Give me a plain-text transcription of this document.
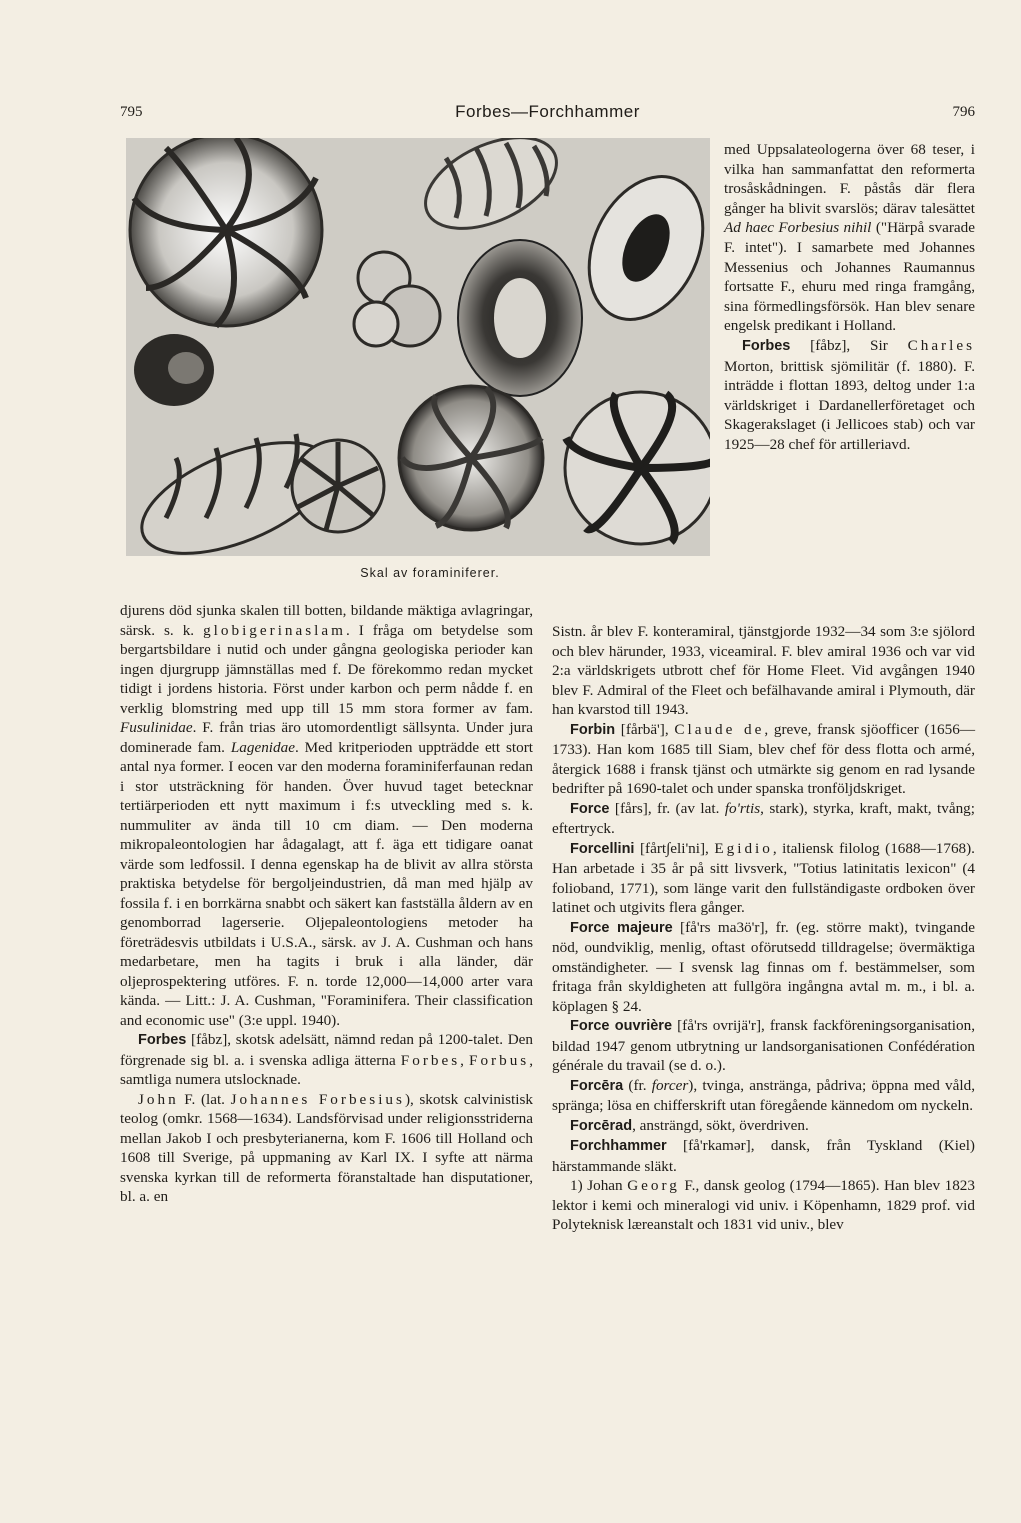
795	Forbes—Forchhammer	796
Skal av foraminiferer.

med Uppsalateologerna över 68 teser, i vilka han sammanfattat den reformerta trosåskådningen. F. påstås där flera gånger ha blivit svarslös; därav talesättet Ad haec Forbesius nihil ("Härpå svarade F. intet"). I samarbete med Johannes Messenius och Johannes Raumannus fortsatte F., ehuru med ringa framgång, sina förmedlingsförsök. Han blev senare engelsk predikant i Holland.

Forbes [fåbz], Sir Charles Morton, brittisk sjömilitär (f. 1880). F. inträdde i flottan 1893, deltog under 1:a världskriget i Dardanellerföretaget och Skagerakslaget (i Jellicoes stab) och var 1925—28 chef för artilleriavd.

djurens död sjunka skalen till botten, bildande mäktiga avlagringar, särsk. s. k. globigerinaslam. I fråga om betydelse som bergartsbildare i nutid och under gångna geologiska perioder kan ingen djurgrupp jämnställas med f. De förekommo redan mycket tidigt i jordens historia. Först under karbon och perm nådde f. en verklig blomstring med upp till 15 mm stora former av fam. Fusulinidae. F. från trias äro utomordentligt sällsynta. Under jura dominerade fam. Lagenidae. Med kritperioden uppträdde ett stort antal nya former. I eocen var den moderna foraminiferfaunan redan i stor utsträckning för handen. Över huvud taget betecknar tertiärperioden ett nytt maximum i f:s utveckling med s. k. nummuliter av ända till 10 cm diam. — Den moderna mikropaleontologien har ådagalagt, att f. äga ett tidigare oanat värde som ledfossil. I denna egenskap ha de blivit av allra största praktiska betydelse för bergoljeindustrien, då man med hjälp av fossila f. i en borrkärna snabbt och säkert kan fastställa åldern av en genomborrad lagerserie. Oljepaleontologiens metoder ha företrädesvis utbildats i U.S.A., särsk. av J. A. Cushman och hans medarbetare, men ha tagits i bruk i alla länder, där oljeprospektering utföres. F. n. torde 12,000—14,000 arter vara kända. — Litt.: J. A. Cushman, "Foraminifera. Their classification and economic use" (3:e uppl. 1940).

Forbes [fåbz], skotsk adelsätt, nämnd redan på 1200-talet. Den förgrenade sig bl. a. i svenska adliga ätterna Forbes, Forbus, samtliga numera utslocknade.

John F. (lat. Johannes Forbesius), skotsk calvinistisk teolog (omkr. 1568—1634). Landsförvisad under religionsstriderna mellan Jakob I och presbyterianerna, kom F. 1606 till Holland och 1608 till Sverige, på uppmaning av Karl IX. I syfte att närma svenska kyrkan till de reformerta föranstaltade han disputationer, bl. a. en

Sistn. år blev F. konteramiral, tjänstgjorde 1932—34 som 3:e sjölord och blev härunder, 1933, viceamiral. F. blev amiral 1936 och var vid 2:a världskrigets utbrott chef för Home Fleet. Vid avgången 1940 blev F. Admiral of the Fleet och befälhavande amiral i Plymouth, där han kvarstod till 1943.

Forbin [fårbä'], Claude de, greve, fransk sjöofficer (1656—1733). Han kom 1685 till Siam, blev chef för dess flotta och armé, återgick 1688 i fransk tjänst och utmärkte sig genom en rad lysande bedrifter på 1690-talet och under spanska tronföljdskriget.

Force [fårs], fr. (av lat. fo'rtis, stark), styrka, kraft, makt, tvång; eftertryck.

Forcellini [fårt∫eli'ni], Egidio, italiensk filolog (1688—1768). Han arbetade i 35 år på sitt livsverk, "Totius latinitatis lexicon" (4 folioband, 1771), som länge varit den fullständigaste ordboken över latinet och utgivits flera gånger.

Force majeure [få'rs ma3ö'r], fr. (eg. större makt), tvingande nöd, oundviklig, menlig, oftast oförutsedd tilldragelse; övermäktiga omständigheter. — I svensk lag finnas om f. bestämmelser, som fritaga från skyldigheten att fullgöra ingångna avtal m. m., i bl. a. köplagen § 24.

Force ouvrière [få'rs ovrijä'r], fransk fackföreningsorganisation, bildad 1947 genom utbrytning ur landsorganisationen Confédération générale du travail (se d. o.).

Forcēra (fr. forcer), tvinga, anstränga, pådriva; öppna med våld, spränga; lösa en chifferskrift utan föregående kännedom om nyckeln.

Forcērad, ansträngd, sökt, överdriven.

Forchhammer [få'rkamər], dansk, från Tyskland (Kiel) härstammande släkt.

1) Johan Georg F., dansk geolog (1794—1865). Han blev 1823 lektor i kemi och mineralogi vid univ. i Köpenhamn, 1829 prof. vid Polyteknisk læreanstalt och 1831 vid univ., blev
